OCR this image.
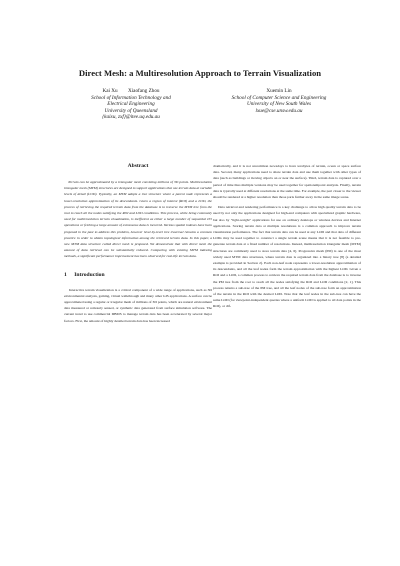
Direct Mesh: a Multiresolution Approach to Terrain Visualization
Kai Xu        Xiaofang Zhou
School of Information Technology and
Electrical Engineering
University of Queensland
{kaixu, zxf}@itee.uq.edu.au
Xuemin Lin
School of Computer Science and Engineering
University of New South Wales
lxue@cse.unsw.edu.au
Abstract

Terrain can be approximated by a triangular mesh consisting millions of 3D points. Multiresolution triangular mesh (MTM) structures are designed to support applications that use terrain data at variable levels of detail (LOD). Typically, an MTM adopts a tree structure where a parent node represents a lower-resolution approximation of its descendants. Given a region of interest (ROI) and a LOD, the process of retrieving the required terrain data from the database is to traverse the MTM tree from the root to reach all the nodes satisfying the ROI and LOD conditions. This process, while being commonly used for multiresolution terrain visualization, is inefficient as either a large number of sequential I/O operations or fetching a large amount of extraneous data is incurred. Various spatial indexes have been proposed in the past to address this problem, however level-by-level tree traversal remains a common practice in order to obtain topological information among the retrieved terrain data. In this paper, a new MTM data structure called direct mesh is proposed. We demonstrate that with direct mesh the amount of data retrieval can be substantially reduced. Comparing with existing MTM indexing methods, a significant performance improvement has been observed for real-life terrain data.

1 Introduction

Interactive terrain visualization is a critical component of a wide range of applications, such as 3D environmental analysis, gaming, virtual walkthrough and many other GIS applications. A surface can be approximated using a regular or irregular mesh of millions of 3D points, which are natural environment data measured or remotely sensed, or synthetic data generated from surface simulation software. The current trend to use commercial DBMS to manage terrain data has been accelerated by several major factors. First, the amount of highly detailed terrain data has been increased

dramatically, and it is not uncommon nowadays to have terabytes of terrain, ocean or space surface data. Second, many applications need to share terrain data and use them together with other types of data (such as buildings or moving objects on or near the surface). Third, terrain data is captured over a period of time thus multiple versions may be used together for spatiotemporal analysis. Finally, terrain data is typically used at different resolutions at the same time. For example, the part closer to the viewer should be rendered at a higher resolution than those parts further away in the same image scene.

Data retrieval and rendering performance is a key challenge to allow high quality terrain data to be used by not only the applications designed for high-end computers with specialized graphic hardware, but also by "light-weight" applications for use on ordinary desktops or wireless devices and Internet applications. Storing terrain data at multiple resolutions is a common approach to improve terrain visualization performance. The fact that terrain data can be used at any LOD and that data of different LODs may be used together to construct a single terrain scene means that it is not feasible to pre-generate terrain data at a fixed number of resolutions. Instead, multiresolution triangular mesh (MTM) structures are commonly used to store terrain data [4, 6]. Progressive mesh (PM) is one of the most widely used MTM data structures, where terrain data is organized into a binary tree [8] (a detailed example is provided in Section 2). Each non-leaf node represents a lower-resolution approximation of its descendants, and all the leaf nodes form the terrain approximation with the highest LOD. Given a ROI and a LOD, a common process to retrieve the required terrain data from the database is to traverse the PM tree from the root to reach all the nodes satisfying the ROI and LOD conditions [2, 1]. This process returns a sub-tree of the PM tree, and all the leaf nodes of the sub-tree form an approximation of the terrain in the ROI with the desired LOD. Note that the leaf nodes in the sub-tree can have the same LOD (for viewpoint-independent queries where a uniform LOD is applied to all data points in the ROI), or dif-
